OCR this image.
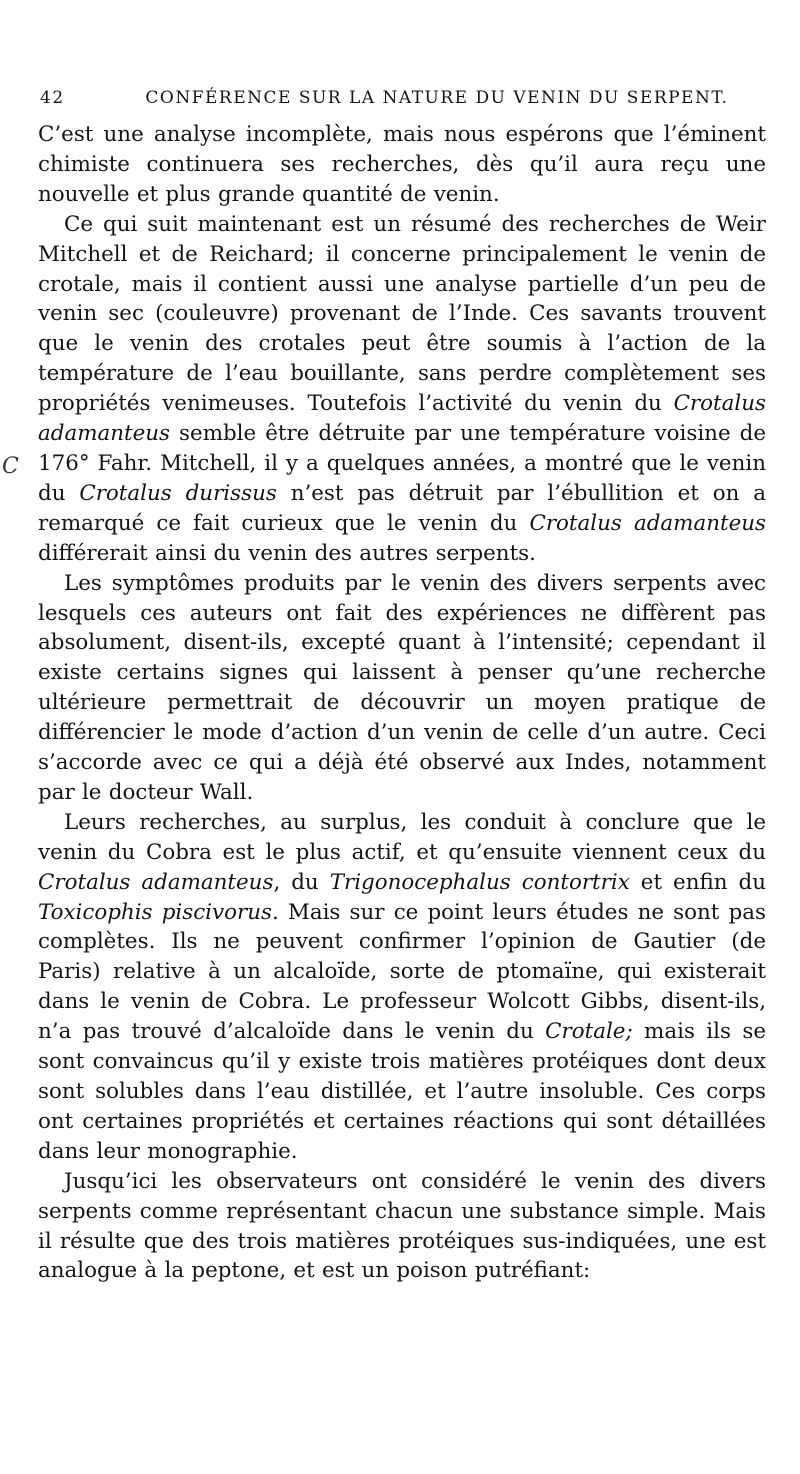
C
42	CONFÉRENCE SUR LA NATURE DU VENIN DU SERPENT.

C’est une analyse incomplète, mais nous espérons que l’éminent chimiste continuera ses recherches, dès qu’il aura reçu une nouvelle et plus grande quantité de venin.

Ce qui suit maintenant est un résumé des recherches de Weir Mitchell et de Reichard; il concerne principalement le venin de crotale, mais il contient aussi une analyse partielle d’un peu de venin sec (couleuvre) provenant de l’Inde. Ces savants trouvent que le venin des crotales peut être soumis à l’action de la température de l’eau bouillante, sans perdre complètement ses propriétés venimeuses. Toutefois l’activité du venin du Crotalus adamanteus semble être détruite par une température voisine de 176° Fahr. Mitchell, il y a quelques années, a montré que le venin du Crotalus durissus n’est pas détruit par l’ébullition et on a remarqué ce fait curieux que le venin du Crotalus adamanteus différerait ainsi du venin des autres serpents.

Les symptômes produits par le venin des divers serpents avec lesquels ces auteurs ont fait des expériences ne diffèrent pas absolument, disent-ils, excepté quant à l’intensité; cependant il existe certains signes qui laissent à penser qu’une recherche ultérieure permettrait de découvrir un moyen pratique de différencier le mode d’action d’un venin de celle d’un autre. Ceci s’accorde avec ce qui a déjà été observé aux Indes, notamment par le docteur Wall.

Leurs recherches, au surplus, les conduit à conclure que le venin du Cobra est le plus actif, et qu’ensuite viennent ceux du Crotalus adamanteus, du Trigonocephalus contortrix et enfin du Toxicophis piscivorus. Mais sur ce point leurs études ne sont pas complètes. Ils ne peuvent confirmer l’opinion de Gautier (de Paris) relative à un alcaloïde, sorte de ptomaïne, qui existerait dans le venin de Cobra. Le professeur Wolcott Gibbs, disent-ils, n’a pas trouvé d’alcaloïde dans le venin du Crotale; mais ils se sont convaincus qu’il y existe trois matières protéiques dont deux sont solubles dans l’eau distillée, et l’autre insoluble. Ces corps ont certaines propriétés et certaines réactions qui sont détaillées dans leur monographie.

Jusqu’ici les observateurs ont considéré le venin des divers serpents comme représentant chacun une substance simple. Mais il résulte que des trois matières protéiques sus-indiquées, une est analogue à la peptone, et est un poison putréfiant:
